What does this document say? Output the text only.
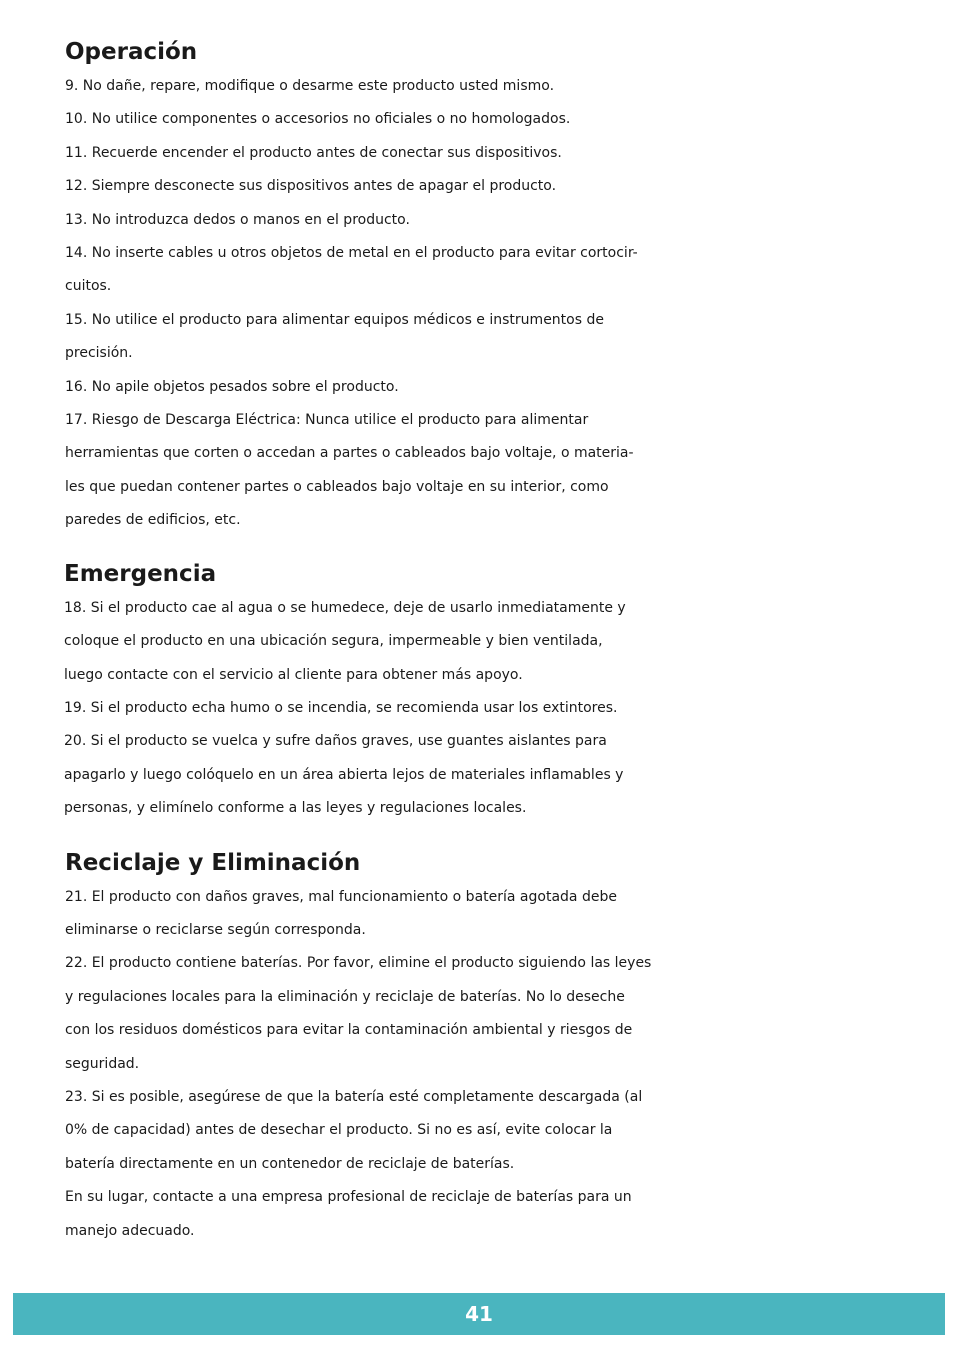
Operación

9. No dañe, repare, modifique o desarme este producto usted mismo.

10. No utilice componentes o accesorios no oficiales o no homologados.

11. Recuerde encender el producto antes de conectar sus dispositivos.

12. Siempre desconecte sus dispositivos antes de apagar el producto.

13. No introduzca dedos o manos en el producto.

14. No inserte cables u otros objetos de metal en el producto para evitar cortocir-
cuitos.

15. No utilice el producto para alimentar equipos médicos e instrumentos de
precisión.

16. No apile objetos pesados sobre el producto.

17. Riesgo de Descarga Eléctrica: Nunca utilice el producto para alimentar
herramientas que corten o accedan a partes o cableados bajo voltaje, o materia-
les que puedan contener partes o cableados bajo voltaje en su interior, como
paredes de edificios, etc.

Emergencia

18. Si el producto cae al agua o se humedece, deje de usarlo inmediatamente y
coloque el producto en una ubicación segura, impermeable y bien ventilada,
luego contacte con el servicio al cliente para obtener más apoyo.

19. Si el producto echa humo o se incendia, se recomienda usar los extintores.

20. Si el producto se vuelca y sufre daños graves, use guantes aislantes para
apagarlo y luego colóquelo en un área abierta lejos de materiales inflamables y
personas, y elimínelo conforme a las leyes y regulaciones locales.

Reciclaje y Eliminación

21. El producto con daños graves, mal funcionamiento o batería agotada debe
eliminarse o reciclarse según corresponda.

22. El producto contiene baterías. Por favor, elimine el producto siguiendo las leyes
y regulaciones locales para la eliminación y reciclaje de baterías. No lo deseche
con los residuos domésticos para evitar la contaminación ambiental y riesgos de
seguridad.

23. Si es posible, asegúrese de que la batería esté completamente descargada (al
0% de capacidad) antes de desechar el producto. Si no es así, evite colocar la
batería directamente en un contenedor de reciclaje de baterías.

En su lugar, contacte a una empresa profesional de reciclaje de baterías para un
manejo adecuado.

41
